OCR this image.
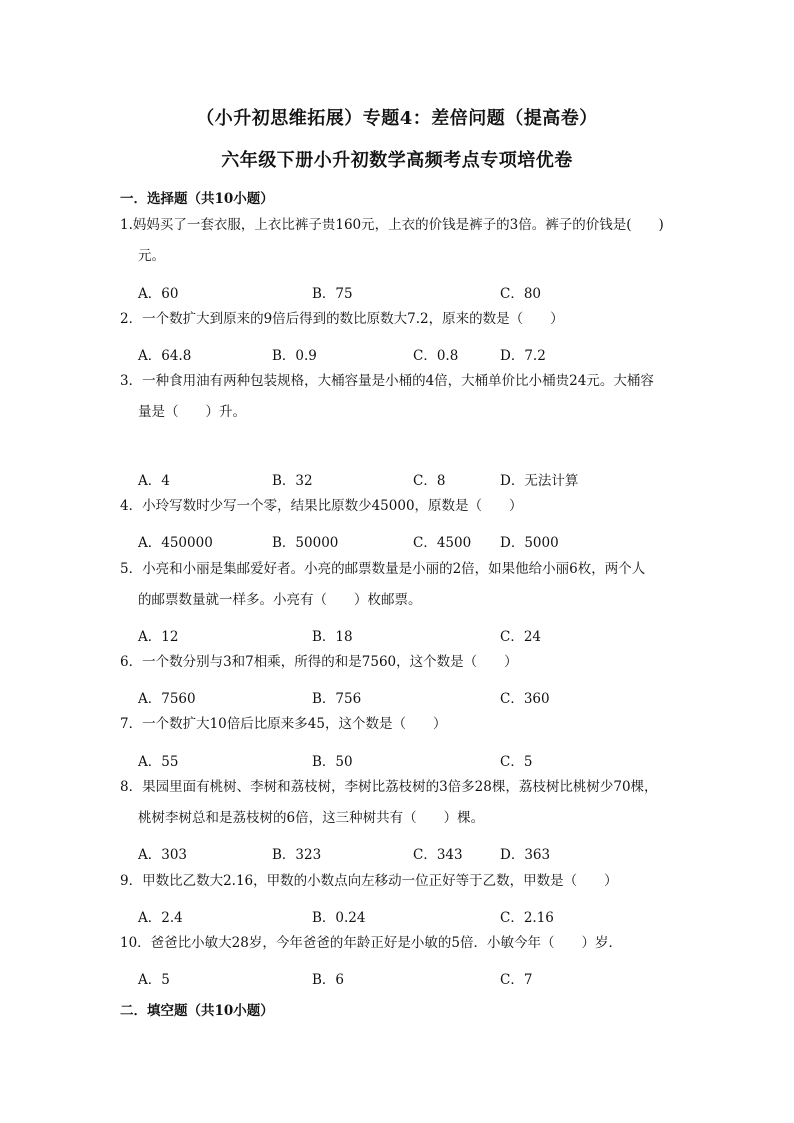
（小升初思维拓展）专题4：差倍问题（提高卷）
六年级下册小升初数学高频考点专项培优卷
一．选择题（共10小题）
1.妈妈买了一套衣服，上衣比裤子贵160元，上衣的价钱是裤子的3倍。裤子的价钱是(　　)
元。
A．60	B．75	C．80
2．一个数扩大到原来的9倍后得到的数比原数大7.2，原来的数是（　　）
A．64.8	B．0.9	C．0.8	D．7.2
3．一种食用油有两种包装规格，大桶容量是小桶的4倍，大桶单价比小桶贵24元。大桶容
量是（　　）升。
A．4	B．32	C．8	D．无法计算
4．小玲写数时少写一个零，结果比原数少45000，原数是（　　）
A．450000	B．50000	C．4500 D．5000
5．小亮和小丽是集邮爱好者。小亮的邮票数量是小丽的2倍，如果他给小丽6枚，两个人
的邮票数量就一样多。小亮有（　　）枚邮票。
A．12	B．18	C．24
6．一个数分别与3和7相乘，所得的和是7560，这个数是（　　）
A．7560	B．756	C．360
7．一个数扩大10倍后比原来多45，这个数是（　　）
A．55	B．50	C．5
8．果园里面有桃树、李树和荔枝树，李树比荔枝树的3倍多28棵，荔枝树比桃树少70棵，
桃树李树总和是荔枝树的6倍，这三种树共有（　　）棵。
A．303	B．323	C．343	D．363
9．甲数比乙数大2.16，甲数的小数点向左移动一位正好等于乙数，甲数是（　　）
A．2.4	B．0.24	C．2.16
10．爸爸比小敏大28岁，今年爸爸的年龄正好是小敏的5倍．小敏今年（　　）岁．
A．5	B．6	C．7
二．填空题（共10小题）
